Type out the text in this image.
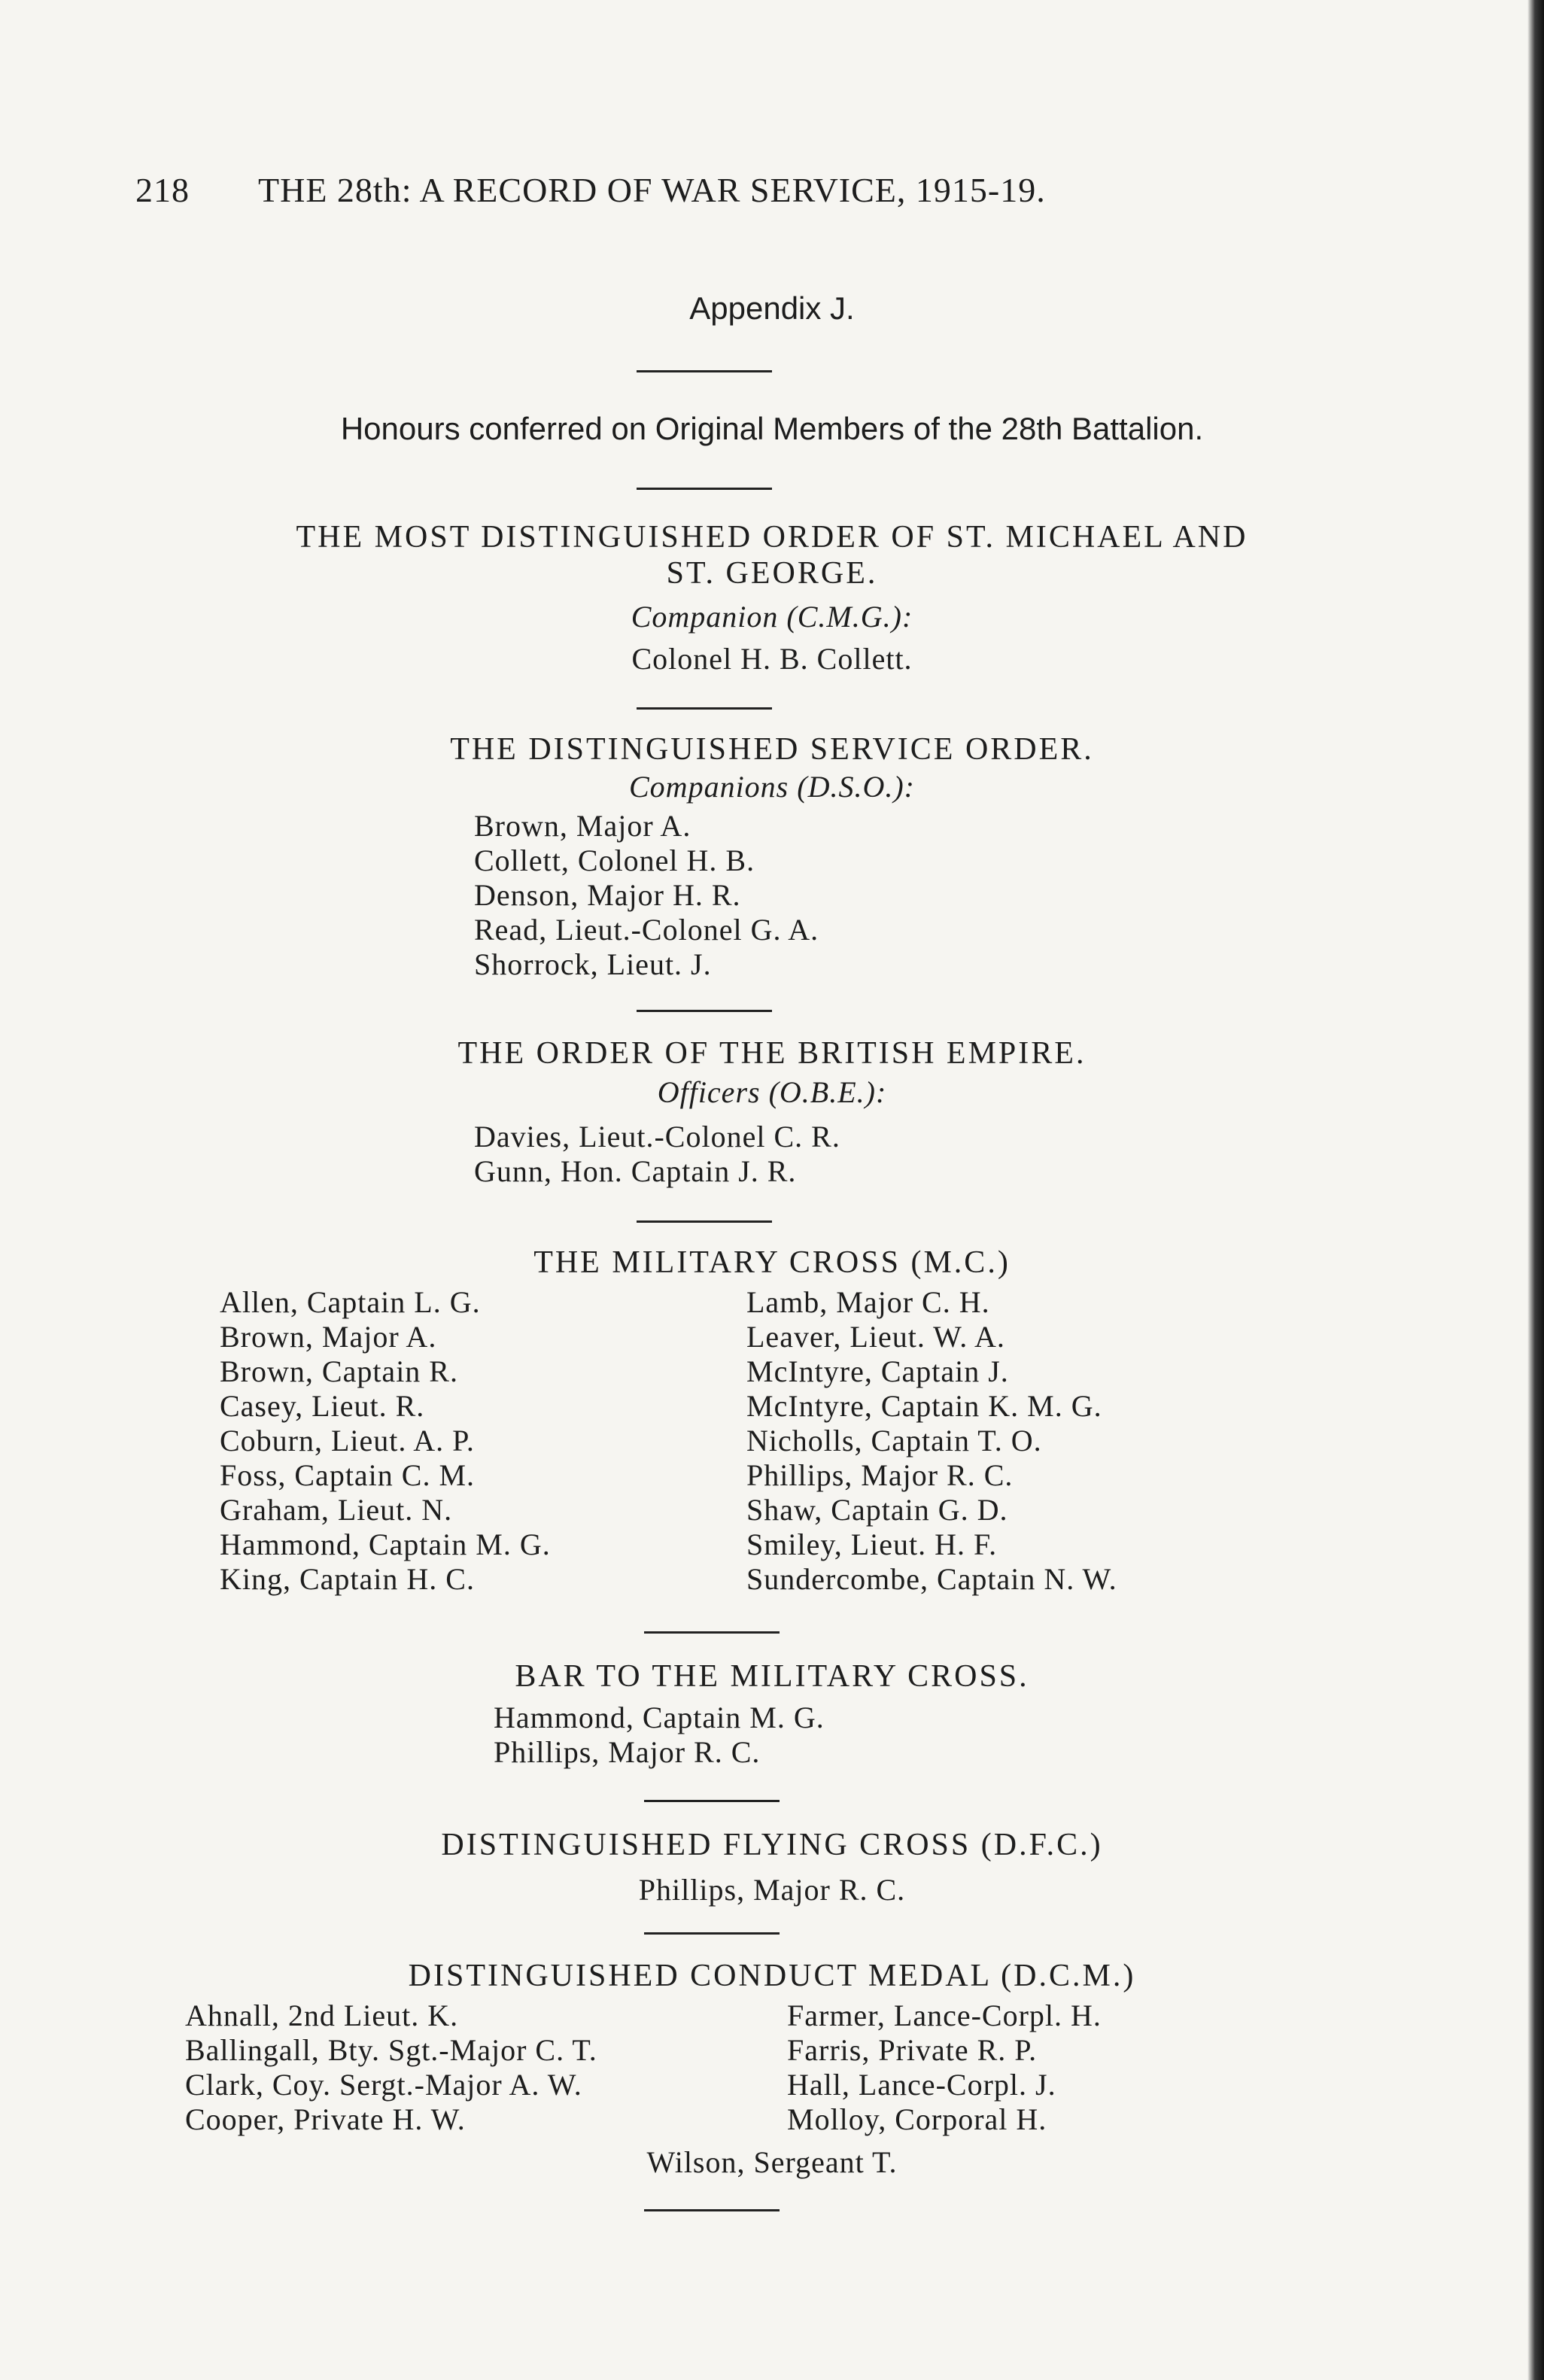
218 THE 28th: A RECORD OF WAR SERVICE, 1915-19.
Appendix J.
Honours conferred on Original Members of the 28th Battalion.
THE MOST DISTINGUISHED ORDER OF ST. MICHAEL AND
ST. GEORGE.
Companion (C.M.G.):
Colonel H. B. Collett.
THE DISTINGUISHED SERVICE ORDER.
Companions (D.S.O.):
Brown, Major A.
Collett, Colonel H. B.
Denson, Major H. R.
Read, Lieut.-Colonel G. A.
Shorrock, Lieut. J.
THE ORDER OF THE BRITISH EMPIRE.
Officers (O.B.E.):
Davies, Lieut.-Colonel C. R.
Gunn, Hon. Captain J. R.
THE MILITARY CROSS (M.C.)
Allen, Captain L. G.
Brown, Major A.
Brown, Captain R.
Casey, Lieut. R.
Coburn, Lieut. A. P.
Foss, Captain C. M.
Graham, Lieut. N.
Hammond, Captain M. G.
King, Captain H. C.
Lamb, Major C. H.
Leaver, Lieut. W. A.
McIntyre, Captain J.
McIntyre, Captain K. M. G.
Nicholls, Captain T. O.
Phillips, Major R. C.
Shaw, Captain G. D.
Smiley, Lieut. H. F.
Sundercombe, Captain N. W.
BAR TO THE MILITARY CROSS.
Hammond, Captain M. G.
Phillips, Major R. C.
DISTINGUISHED FLYING CROSS (D.F.C.)
Phillips, Major R. C.
DISTINGUISHED CONDUCT MEDAL (D.C.M.)
Ahnall, 2nd Lieut. K.
Ballingall, Bty. Sgt.-Major C. T.
Clark, Coy. Sergt.-Major A. W.
Cooper, Private H. W.
Farmer, Lance-Corpl. H.
Farris, Private R. P.
Hall, Lance-Corpl. J.
Molloy, Corporal H.
Wilson, Sergeant T.
